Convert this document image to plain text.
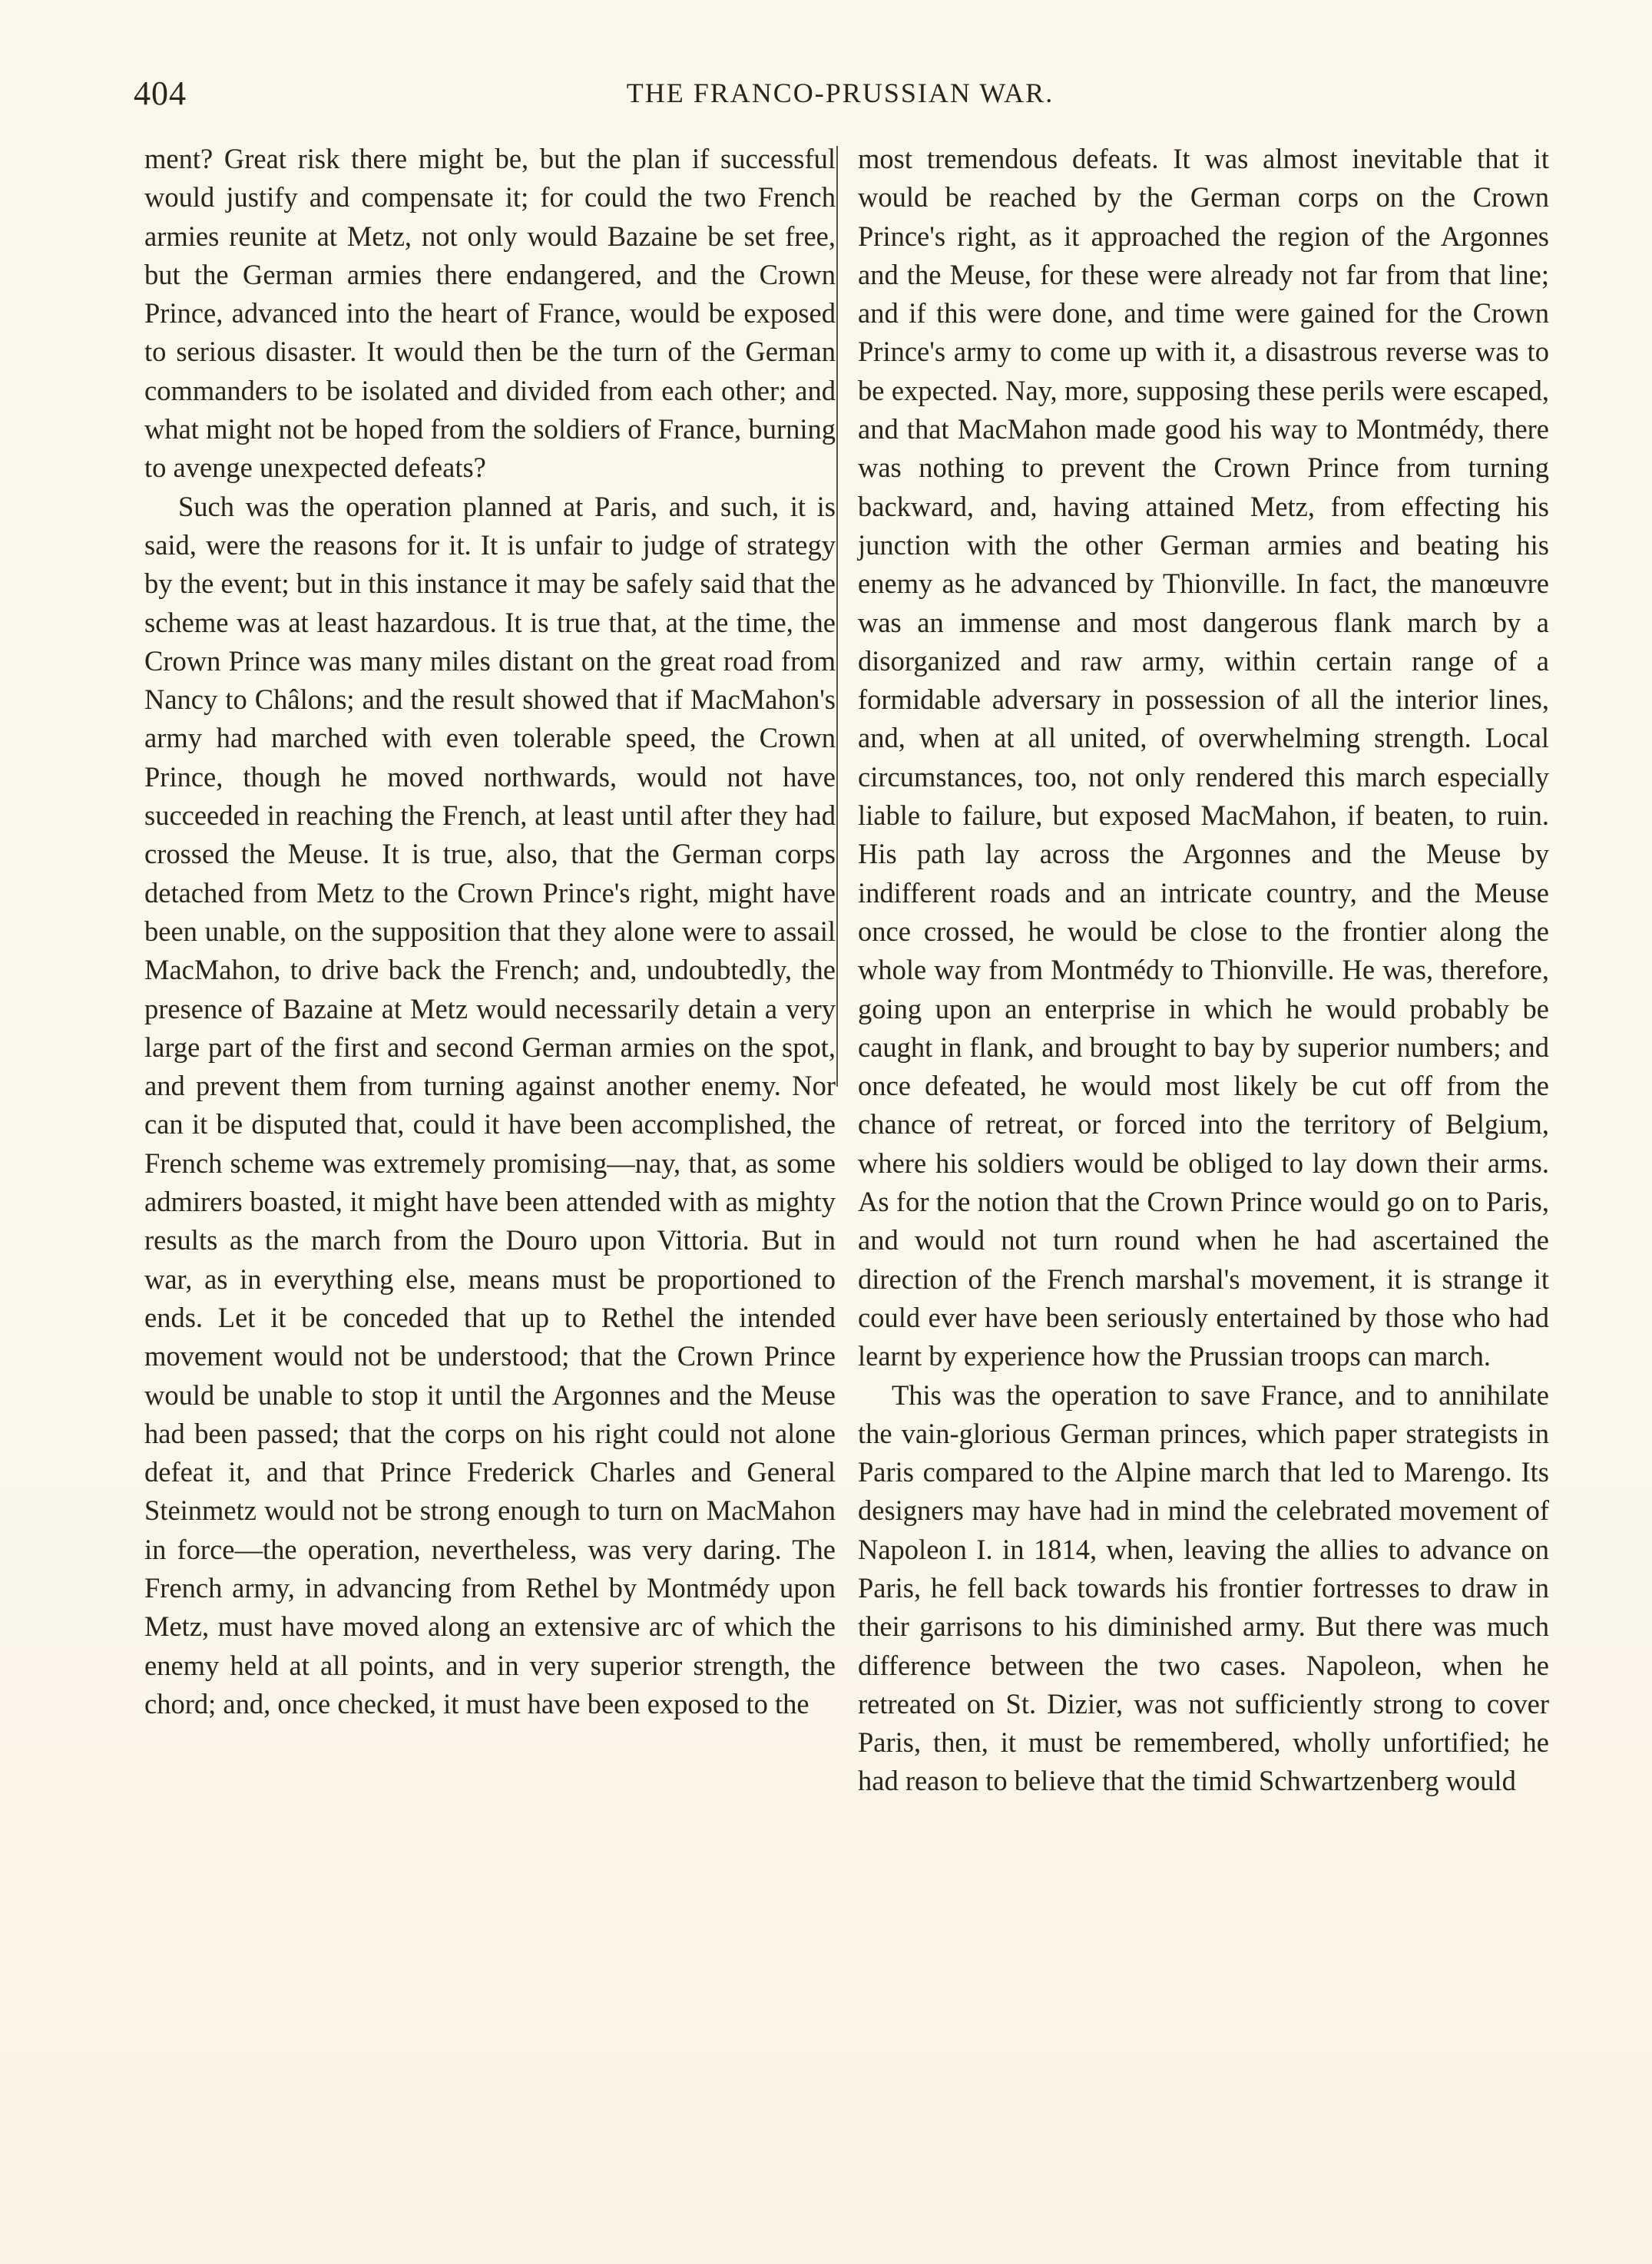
404	THE FRANCO-PRUSSIAN WAR.

ment? Great risk there might be, but the plan if successful would justify and compensate it; for could the two French armies reunite at Metz, not only would Bazaine be set free, but the German armies there endangered, and the Crown Prince, advanced into the heart of France, would be exposed to serious disaster. It would then be the turn of the German commanders to be isolated and divided from each other; and what might not be hoped from the soldiers of France, burning to avenge unexpected defeats?

Such was the operation planned at Paris, and such, it is said, were the reasons for it. It is unfair to judge of strategy by the event; but in this instance it may be safely said that the scheme was at least hazardous. It is true that, at the time, the Crown Prince was many miles distant on the great road from Nancy to Châlons; and the result showed that if MacMahon's army had marched with even tolerable speed, the Crown Prince, though he moved northwards, would not have succeeded in reaching the French, at least until after they had crossed the Meuse. It is true, also, that the German corps detached from Metz to the Crown Prince's right, might have been unable, on the supposition that they alone were to assail MacMahon, to drive back the French; and, undoubtedly, the presence of Bazaine at Metz would necessarily detain a very large part of the first and second German armies on the spot, and prevent them from turning against another enemy. Nor can it be disputed that, could it have been accomplished, the French scheme was extremely promising—nay, that, as some admirers boasted, it might have been attended with as mighty results as the march from the Douro upon Vittoria. But in war, as in everything else, means must be proportioned to ends. Let it be conceded that up to Rethel the intended movement would not be understood; that the Crown Prince would be unable to stop it until the Argonnes and the Meuse had been passed; that the corps on his right could not alone defeat it, and that Prince Frederick Charles and General Steinmetz would not be strong enough to turn on MacMahon in force—the operation, nevertheless, was very daring. The French army, in advancing from Rethel by Montmédy upon Metz, must have moved along an extensive arc of which the enemy held at all points, and in very superior strength, the chord; and, once checked, it must have been exposed to the

most tremendous defeats. It was almost inevitable that it would be reached by the German corps on the Crown Prince's right, as it approached the region of the Argonnes and the Meuse, for these were already not far from that line; and if this were done, and time were gained for the Crown Prince's army to come up with it, a disastrous reverse was to be expected. Nay, more, supposing these perils were escaped, and that MacMahon made good his way to Montmédy, there was nothing to prevent the Crown Prince from turning backward, and, having attained Metz, from effecting his junction with the other German armies and beating his enemy as he advanced by Thionville. In fact, the manœuvre was an immense and most dangerous flank march by a disorganized and raw army, within certain range of a formidable adversary in possession of all the interior lines, and, when at all united, of overwhelming strength. Local circumstances, too, not only rendered this march especially liable to failure, but exposed MacMahon, if beaten, to ruin. His path lay across the Argonnes and the Meuse by indifferent roads and an intricate country, and the Meuse once crossed, he would be close to the frontier along the whole way from Montmédy to Thionville. He was, therefore, going upon an enterprise in which he would probably be caught in flank, and brought to bay by superior numbers; and once defeated, he would most likely be cut off from the chance of retreat, or forced into the territory of Belgium, where his soldiers would be obliged to lay down their arms. As for the notion that the Crown Prince would go on to Paris, and would not turn round when he had ascertained the direction of the French marshal's movement, it is strange it could ever have been seriously entertained by those who had learnt by experience how the Prussian troops can march.

This was the operation to save France, and to annihilate the vain-glorious German princes, which paper strategists in Paris compared to the Alpine march that led to Marengo. Its designers may have had in mind the celebrated movement of Napoleon I. in 1814, when, leaving the allies to advance on Paris, he fell back towards his frontier fortresses to draw in their garrisons to his diminished army. But there was much difference between the two cases. Napoleon, when he retreated on St. Dizier, was not sufficiently strong to cover Paris, then, it must be remembered, wholly unfortified; he had reason to believe that the timid Schwartzenberg would
